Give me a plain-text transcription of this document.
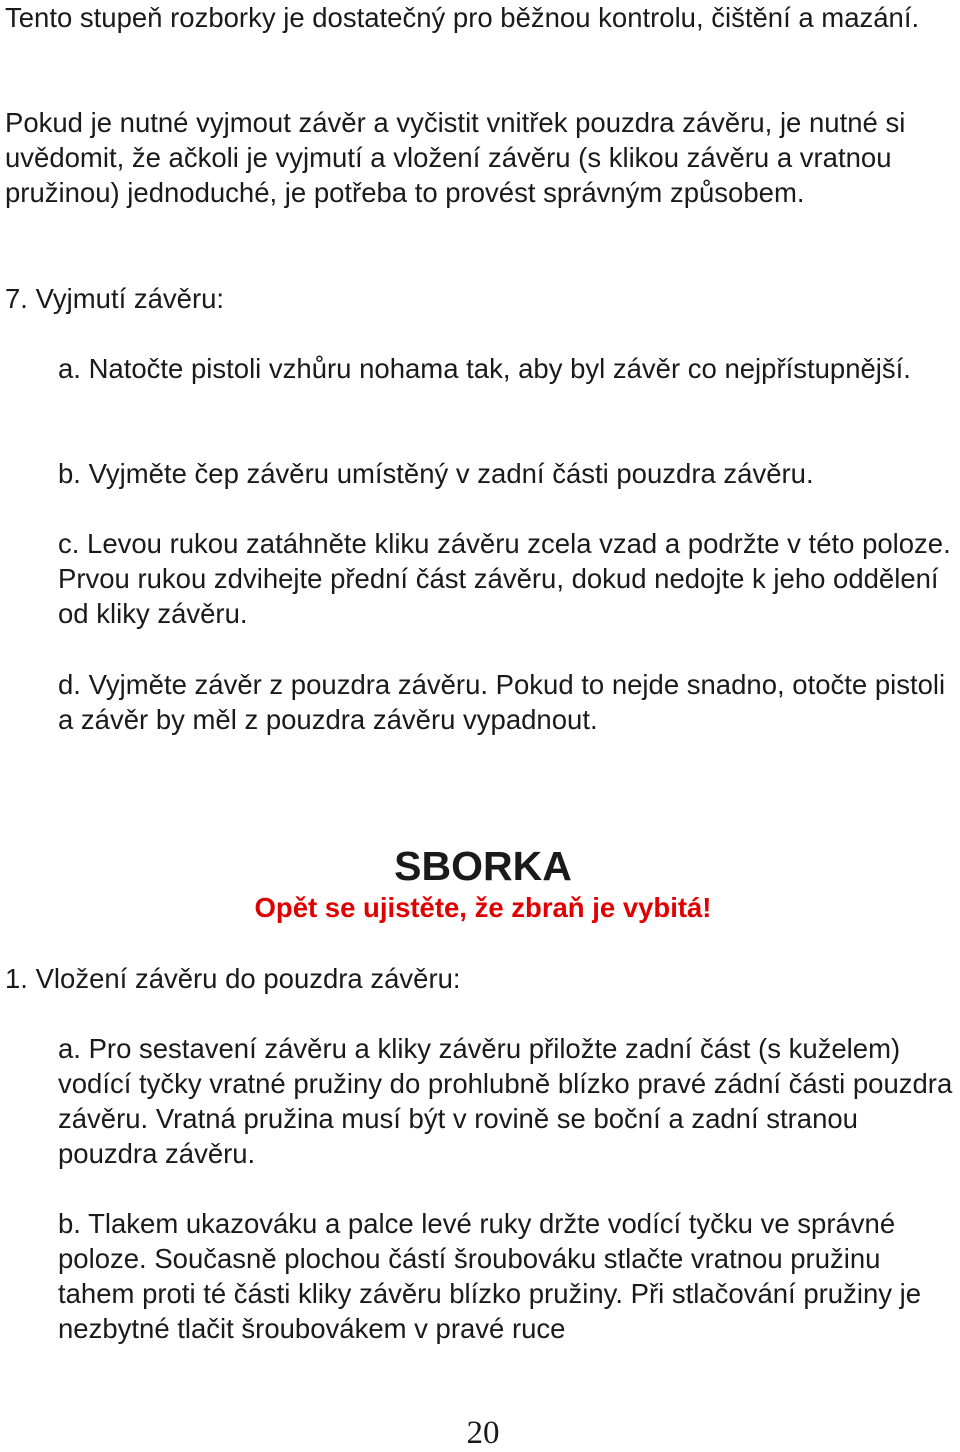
Tento stupeň rozborky je dostatečný pro běžnou kontrolu, čištění a mazání.

Pokud je nutné vyjmout závěr a vyčistit vnitřek pouzdra závěru, je nutné si uvědomit, že ačkoli je vyjmutí a vložení závěru (s klikou závěru a vratnou pružinou) jednoduché, je potřeba to provést správným způsobem.

7. Vyjmutí závěru:

a. Natočte pistoli vzhůru nohama tak, aby byl závěr co nejpřístupnější.

b. Vyjměte čep závěru umístěný v zadní části pouzdra závěru.

c. Levou rukou zatáhněte kliku závěru zcela vzad a podržte v této poloze. Prvou rukou zdvihejte přední část závěru, dokud nedojte k jeho oddělení od kliky závěru.

d. Vyjměte závěr z pouzdra závěru. Pokud to nejde snadno, otočte pistoli a závěr by měl z pouzdra závěru vypadnout.

SBORKA
Opět se ujistěte, že zbraň je vybitá!

1. Vložení závěru do pouzdra závěru:

a. Pro sestavení závěru a kliky závěru přiložte zadní část (s kuželem) vodící tyčky vratné pružiny do prohlubně blízko pravé zádní části pouzdra závěru. Vratná pružina musí být v rovině se boční a zadní stranou pouzdra závěru.

b. Tlakem ukazováku a palce levé ruky držte vodící tyčku ve správné poloze. Současně plochou částí šroubováku stlačte vratnou pružinu tahem proti té části kliky závěru blízko pružiny. Při stlačování pružiny je nezbytné tlačit šroubovákem v pravé ruce

20
